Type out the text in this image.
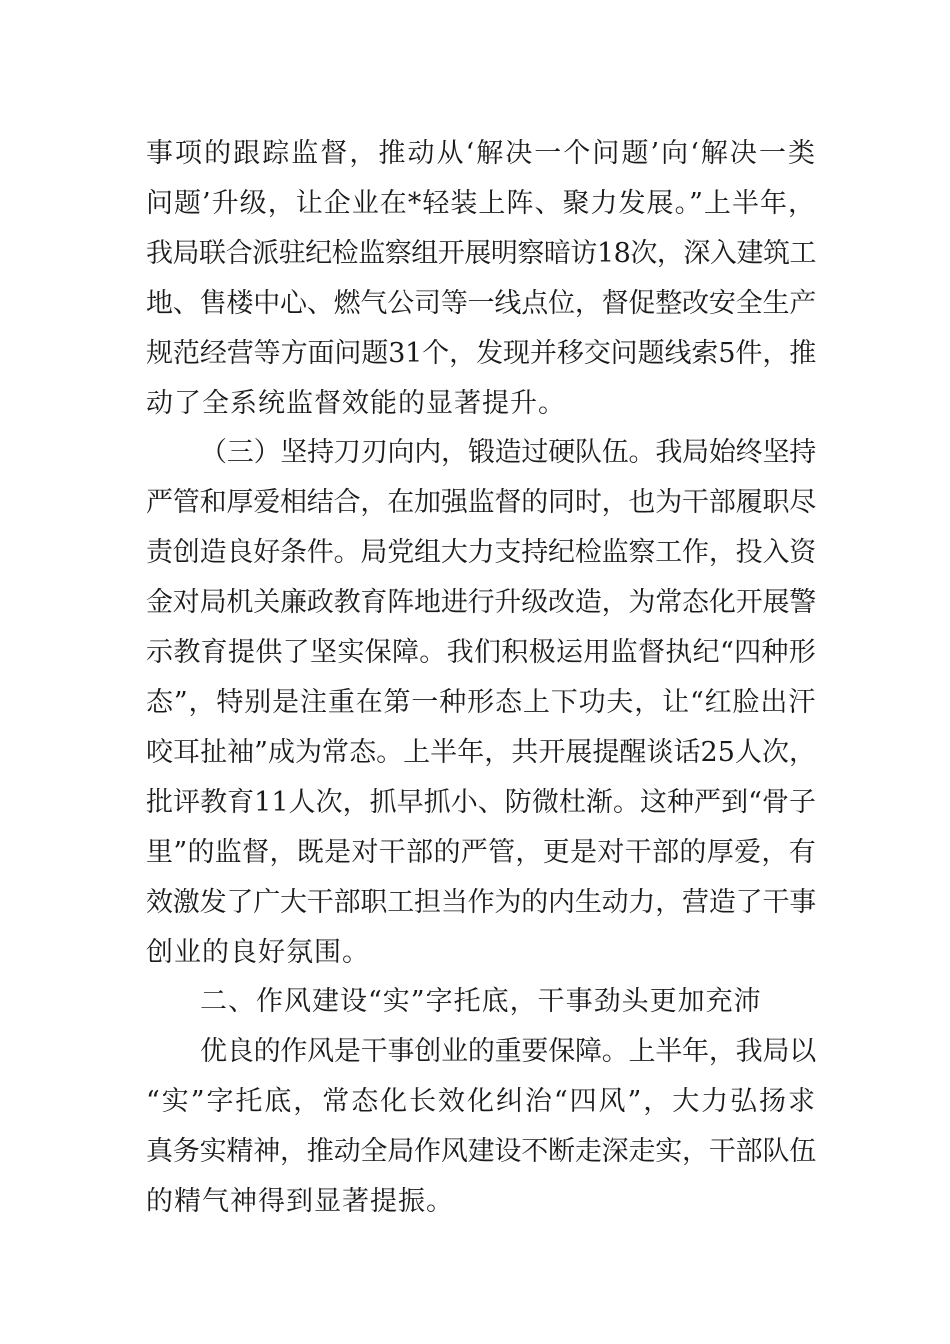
事项的跟踪监督，推动从‘解决一个问题’向‘解决一类

问题’升级，让企业在*轻装上阵、聚力发展。”上半年，

我局联合派驻纪检监察组开展明察暗访18次，深入建筑工

地、售楼中心、燃气公司等一线点位，督促整改安全生产

规范经营等方面问题31个，发现并移交问题线索5件，推

动了全系统监督效能的显著提升。

（三）坚持刀刃向内，锻造过硬队伍。我局始终坚持

严管和厚爱相结合，在加强监督的同时，也为干部履职尽

责创造良好条件。局党组大力支持纪检监察工作，投入资

金对局机关廉政教育阵地进行升级改造，为常态化开展警

示教育提供了坚实保障。我们积极运用监督执纪“四种形

态”，特别是注重在第一种形态上下功夫，让“红脸出汗

咬耳扯袖”成为常态。上半年，共开展提醒谈话25人次，

批评教育11人次，抓早抓小、防微杜渐。这种严到“骨子

里”的监督，既是对干部的严管，更是对干部的厚爱，有

效激发了广大干部职工担当作为的内生动力，营造了干事

创业的良好氛围。

二、作风建设“实”字托底，干事劲头更加充沛

优良的作风是干事创业的重要保障。上半年，我局以

“实”字托底，常态化长效化纠治“四风”，大力弘扬求

真务实精神，推动全局作风建设不断走深走实，干部队伍

的精气神得到显著提振。
